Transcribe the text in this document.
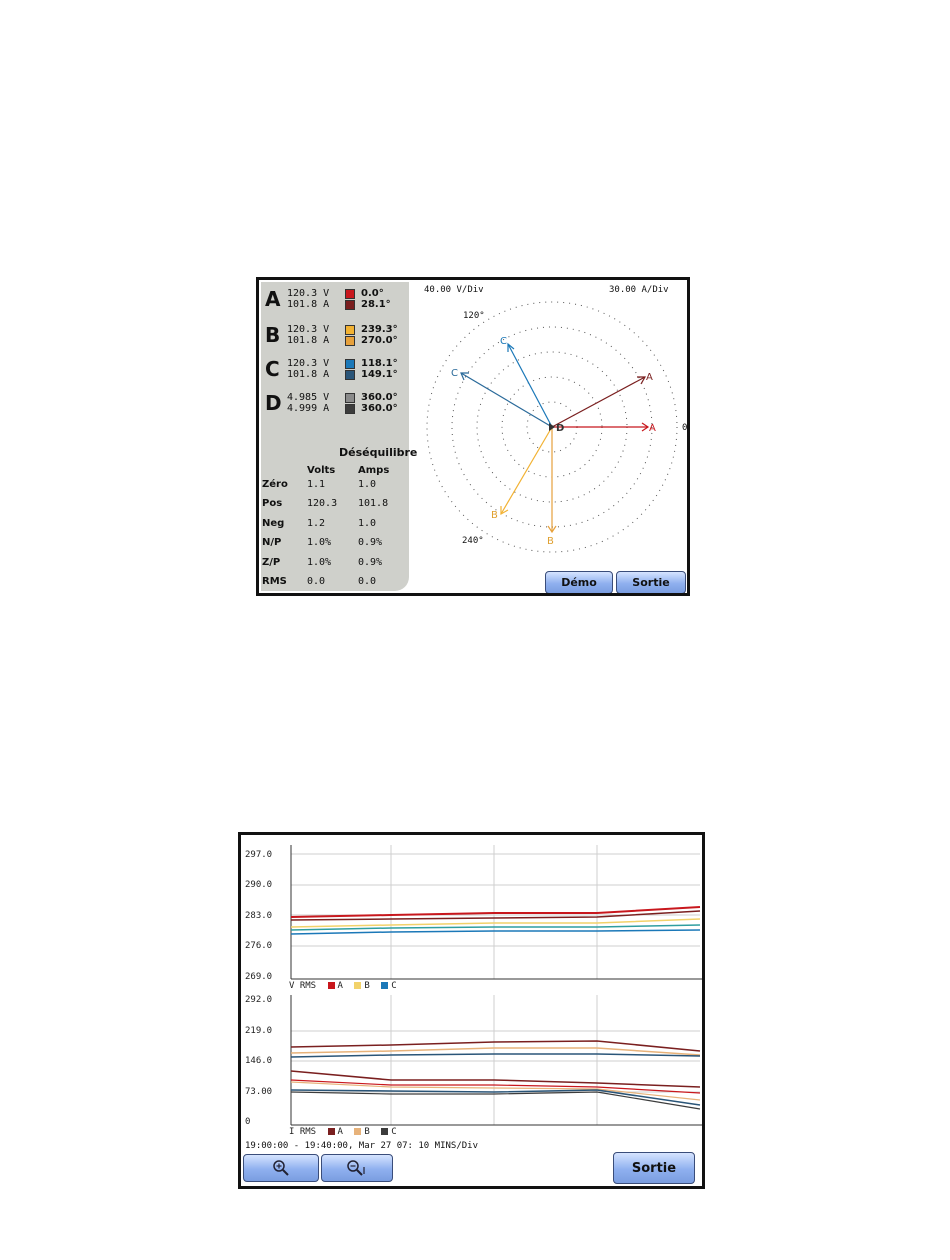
A 120.3 V
101.8 A
0.0°
28.1°
B 120.3 V
101.8 A
239.3°
270.0°
C 120.3 V
101.8 A
118.1°
149.1°
D 4.985 V
4.999 A
360.0°
360.0°
Déséquilibre
Volts Amps
Zéro 1.1	1.0
Pos 120.3 101.8
Neg 1.2	1.0
N/P	1.0%	0.9%
Z/P	1.0%	0.9%
RMS 0.0	0.0
40.00 V/Div	30.00 A/Div
120°
240°
0
A
A
B
B
C
C
D
Démo	Sortie
297.0
290.0
283.0
276.0
269.0
292.0
219.0
146.0
73.00
0
V RMS A B C
I RMS A B C
19:00:00 - 19:40:00, Mar 27 07: 10 MINS/Div
Sortie
